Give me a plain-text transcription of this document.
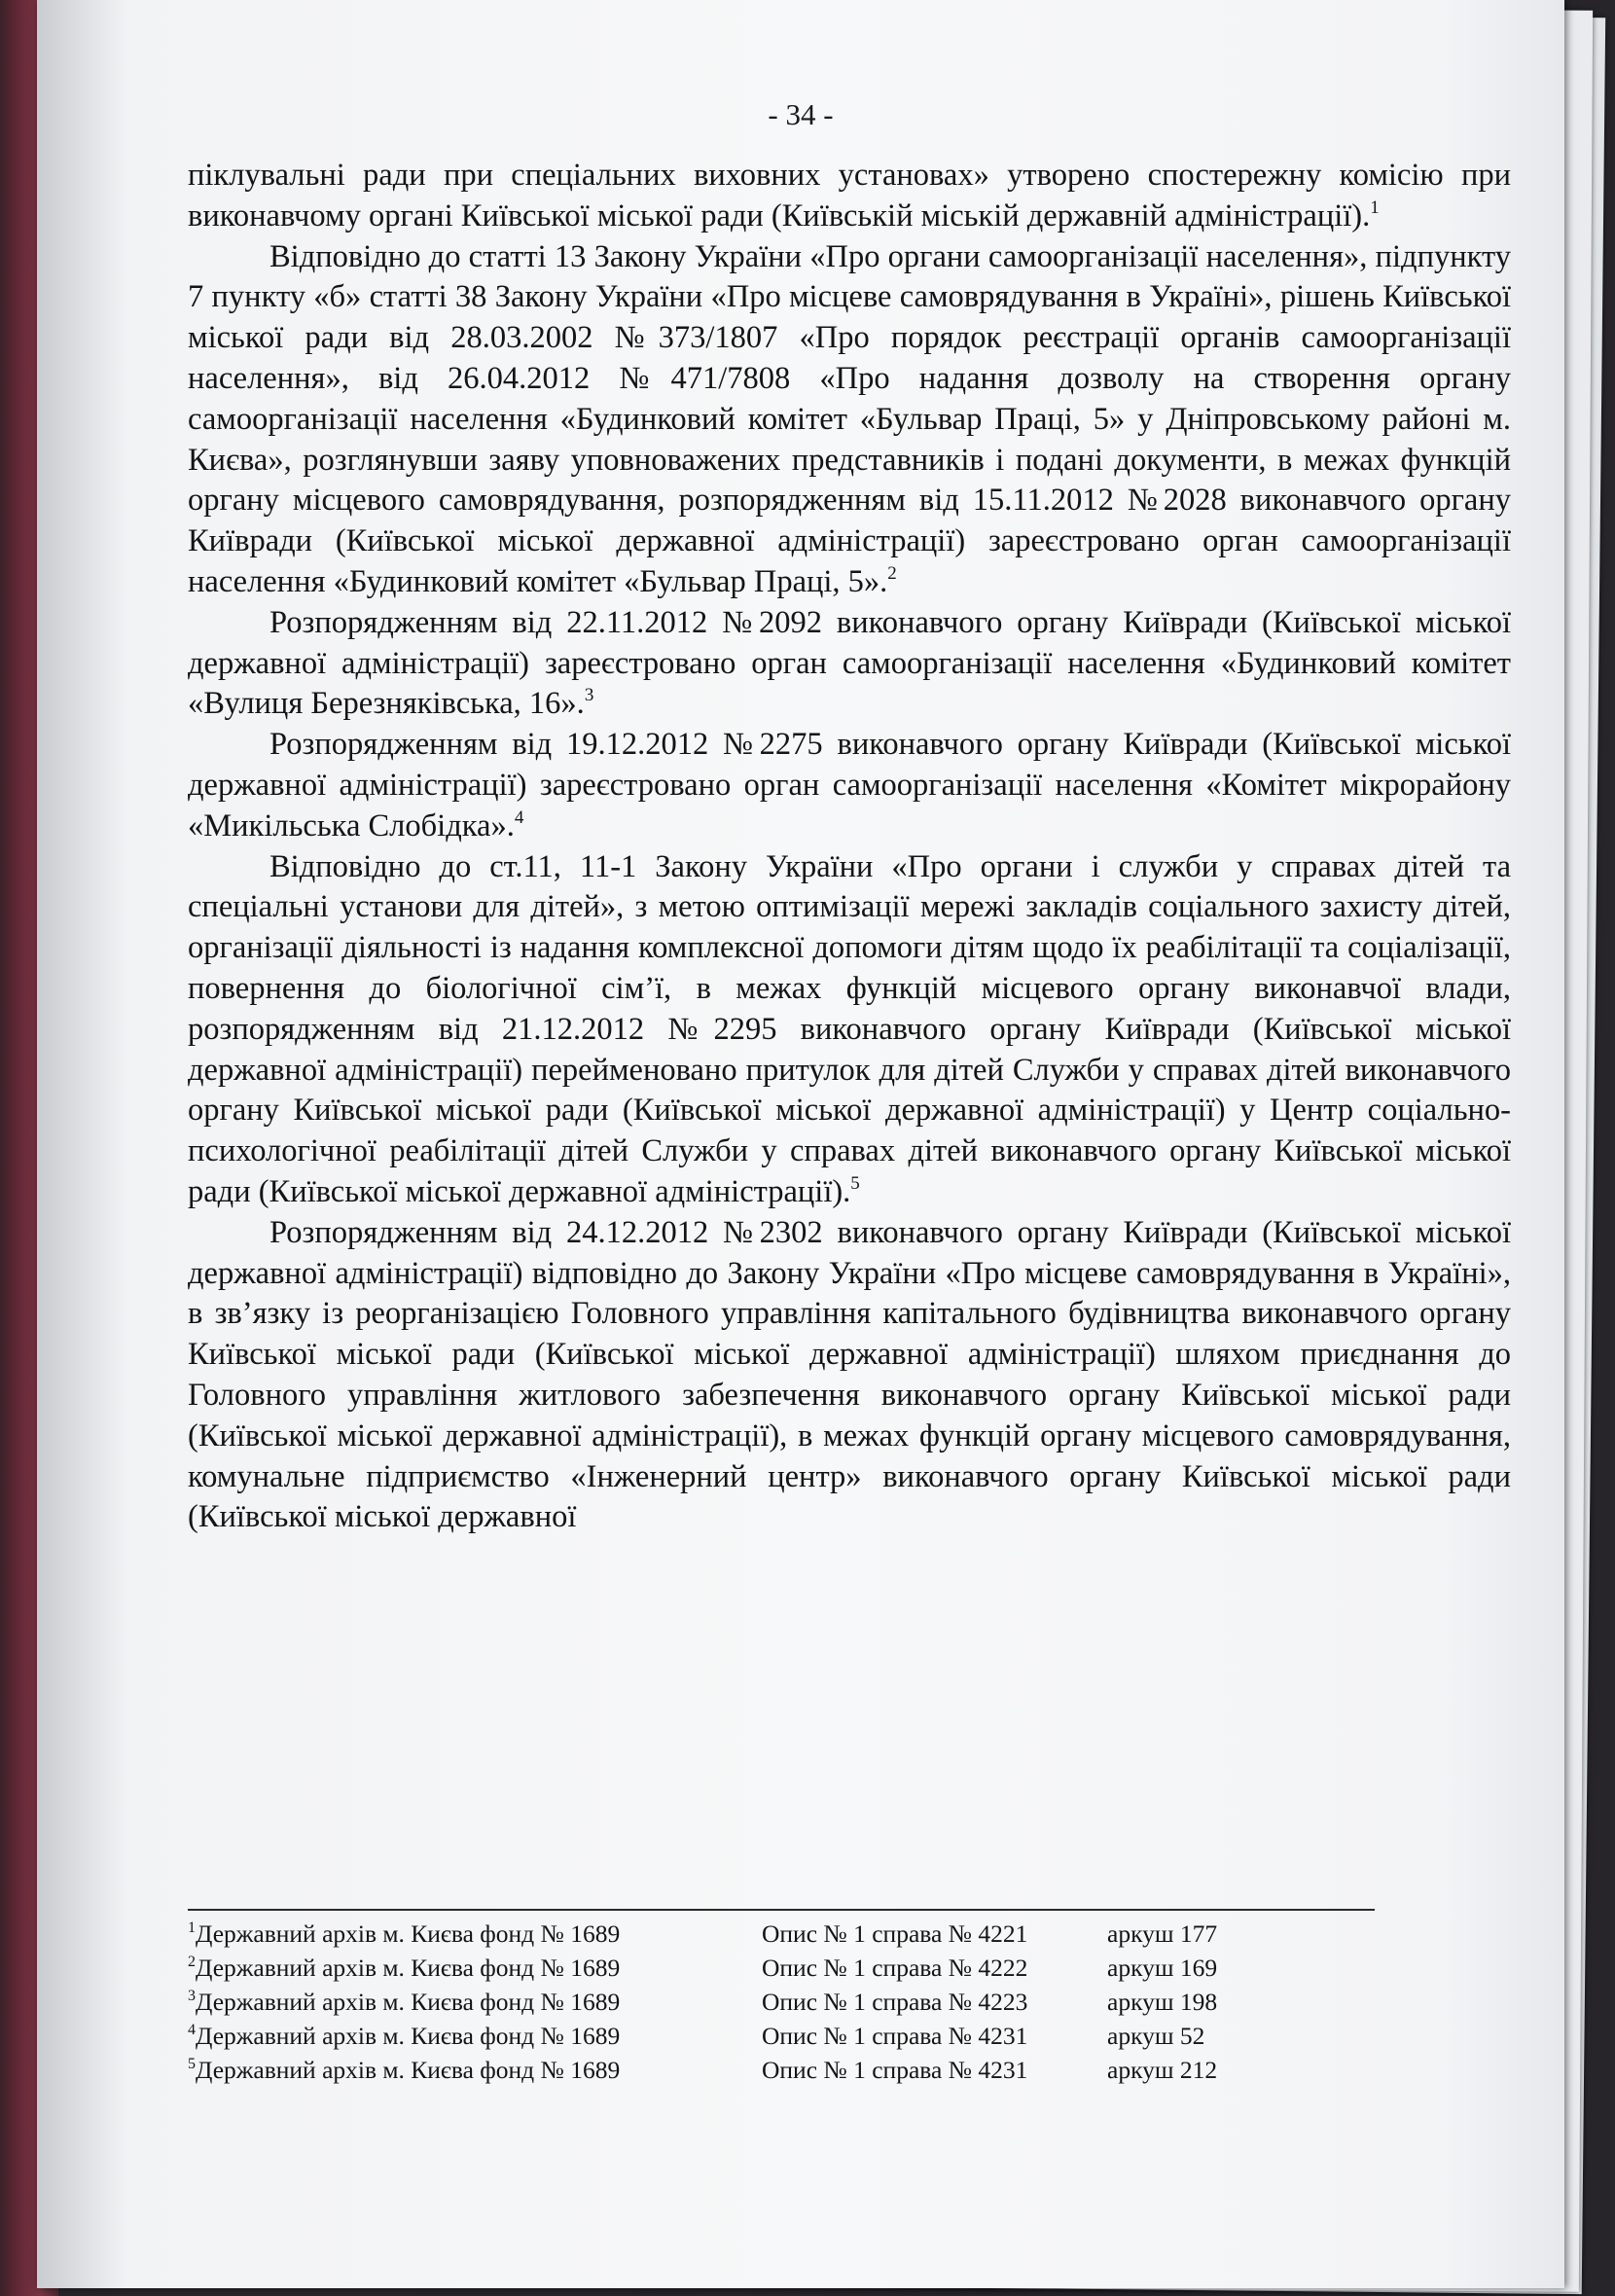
- 34 -

піклувальні ради при спеціальних виховних установах» утворено спостережну комісію при виконавчому органі Київської міської ради (Київській міській державній адміністрації).$^1$

Відповідно до статті 13 Закону України «Про органи самоорганізації населення», підпункту 7 пункту «б» статті 38 Закону України «Про місцеве самоврядування в Україні», рішень Київської міської ради від 28.03.2002 №373/1807 «Про порядок реєстрації органів самоорганізації населення», від 26.04.2012 №471/7808 «Про надання дозволу на створення органу самоорганізації населення «Будинковий комітет «Бульвар Праці, 5» у Дніпровському районі м. Києва», розглянувши заяву уповноважених представників і подані документи, в межах функцій органу місцевого самоврядування, розпорядженням від 15.11.2012 №2028 виконавчого органу Київради (Київської міської державної адміністрації) зареєстровано орган самоорганізації населення «Будинковий комітет «Бульвар Праці, 5».$^2$

Розпорядженням від 22.11.2012 №2092 виконавчого органу Київради (Київської міської державної адміністрації) зареєстровано орган самоорганізації населення «Будинковий комітет «Вулиця Березняківська, 16».$^3$

Розпорядженням від 19.12.2012 №2275 виконавчого органу Київради (Київської міської державної адміністрації) зареєстровано орган самоорганізації населення «Комітет мікрорайону «Микільська Слобідка».$^4$

Відповідно до ст.11, 11-1 Закону України «Про органи і служби у справах дітей та спеціальні установи для дітей», з метою оптимізації мережі закладів соціального захисту дітей, організації діяльності із надання комплексної допомоги дітям щодо їх реабілітації та соціалізації, повернення до біологічної сім’ї, в межах функцій місцевого органу виконавчої влади, розпорядженням від 21.12.2012 №2295 виконавчого органу Київради (Київської міської державної адміністрації) перейменовано притулок для дітей Служби у справах дітей виконавчого органу Київської міської ради (Київської міської державної адміністрації) у Центр соціально-психологічної реабілітації дітей Служби у справах дітей виконавчого органу Київської міської ради (Київської міської державної адміністрації).$^5$

Розпорядженням від 24.12.2012 №2302 виконавчого органу Київради (Київської міської державної адміністрації) відповідно до Закону України «Про місцеве самоврядування в Україні», в зв’язку із реорганізацією Головного управління капітального будівництва виконавчого органу Київської міської ради (Київської міської державної адміністрації) шляхом приєднання до Головного управління житлового забезпечення виконавчого органу Київської міської ради (Київської міської державної адміністрації), в межах функцій органу місцевого самоврядування, комунальне підприємство «Інженерний центр» виконавчого органу Київської міської ради (Київської міської державної

$^1$Державний архів м. Києва фонд № 1689	Опис № 1 справа № 4221	аркуш 177
$^2$Державний архів м. Києва фонд № 1689	Опис № 1 справа № 4222	аркуш 169
$^3$Державний архів м. Києва фонд № 1689	Опис № 1 справа № 4223	аркуш 198
$^4$Державний архів м. Києва фонд № 1689	Опис № 1 справа № 4231	аркуш 52
$^5$Державний архів м. Києва фонд № 1689	Опис № 1 справа № 4231	аркуш 212
